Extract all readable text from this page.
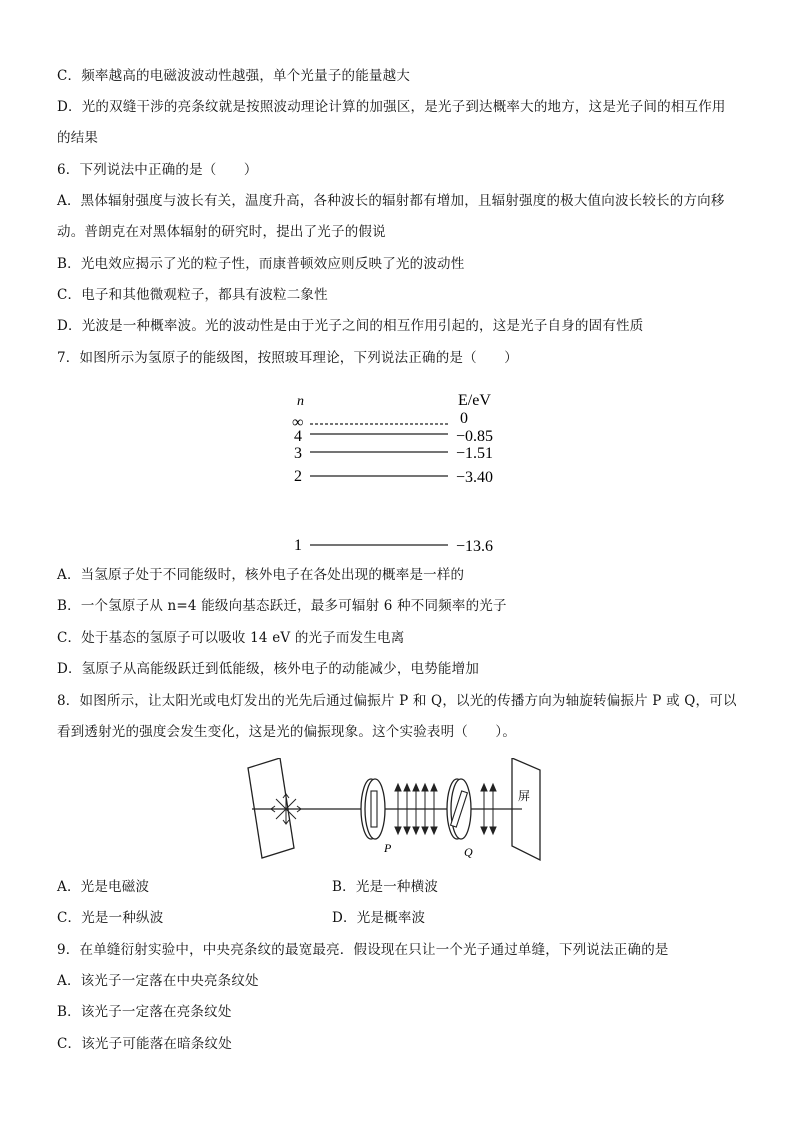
C．频率越高的电磁波波动性越强，单个光量子的能量越大
D．光的双缝干涉的亮条纹就是按照波动理论计算的加强区，是光子到达概率大的地方，这是光子间的相互作用
的结果
6．下列说法中正确的是（　　）
A．黑体辐射强度与波长有关，温度升高，各种波长的辐射都有增加，且辐射强度的极大值向波长较长的方向移
动。普朗克在对黑体辐射的研究时，提出了光子的假说
B．光电效应揭示了光的粒子性，而康普顿效应则反映了光的波动性
C．电子和其他微观粒子，都具有波粒二象性
D．光波是一种概率波。光的波动性是由于光子之间的相互作用引起的，这是光子自身的固有性质
7．如图所示为氢原子的能级图，按照玻耳理论，下列说法正确的是（　　）
n	E/eV
∞	0
4	−0.85
3	−1.51
2	−3.40
1	−13.6
A．当氢原子处于不同能级时，核外电子在各处出现的概率是一样的
B．一个氢原子从 n=4 能级向基态跃迁，最多可辐射 6 种不同频率的光子
C．处于基态的氢原子可以吸收 14 eV 的光子而发生电离
D．氢原子从高能级跃迁到低能级，核外电子的动能减少，电势能增加
8．如图所示，让太阳光或电灯发出的光先后通过偏振片 P 和 Q，以光的传播方向为轴旋转偏振片 P 或 Q，可以
看到透射光的强度会发生变化，这是光的偏振现象。这个实验表明（　　）。
屏
P	Q
A．光是电磁波	B．光是一种横波
C．光是一种纵波	D．光是概率波
9．在单缝衍射实验中，中央亮条纹的最宽最亮．假设现在只让一个光子通过单缝，下列说法正确的是
A．该光子一定落在中央亮条纹处
B．该光子一定落在亮条纹处
C．该光子可能落在暗条纹处
